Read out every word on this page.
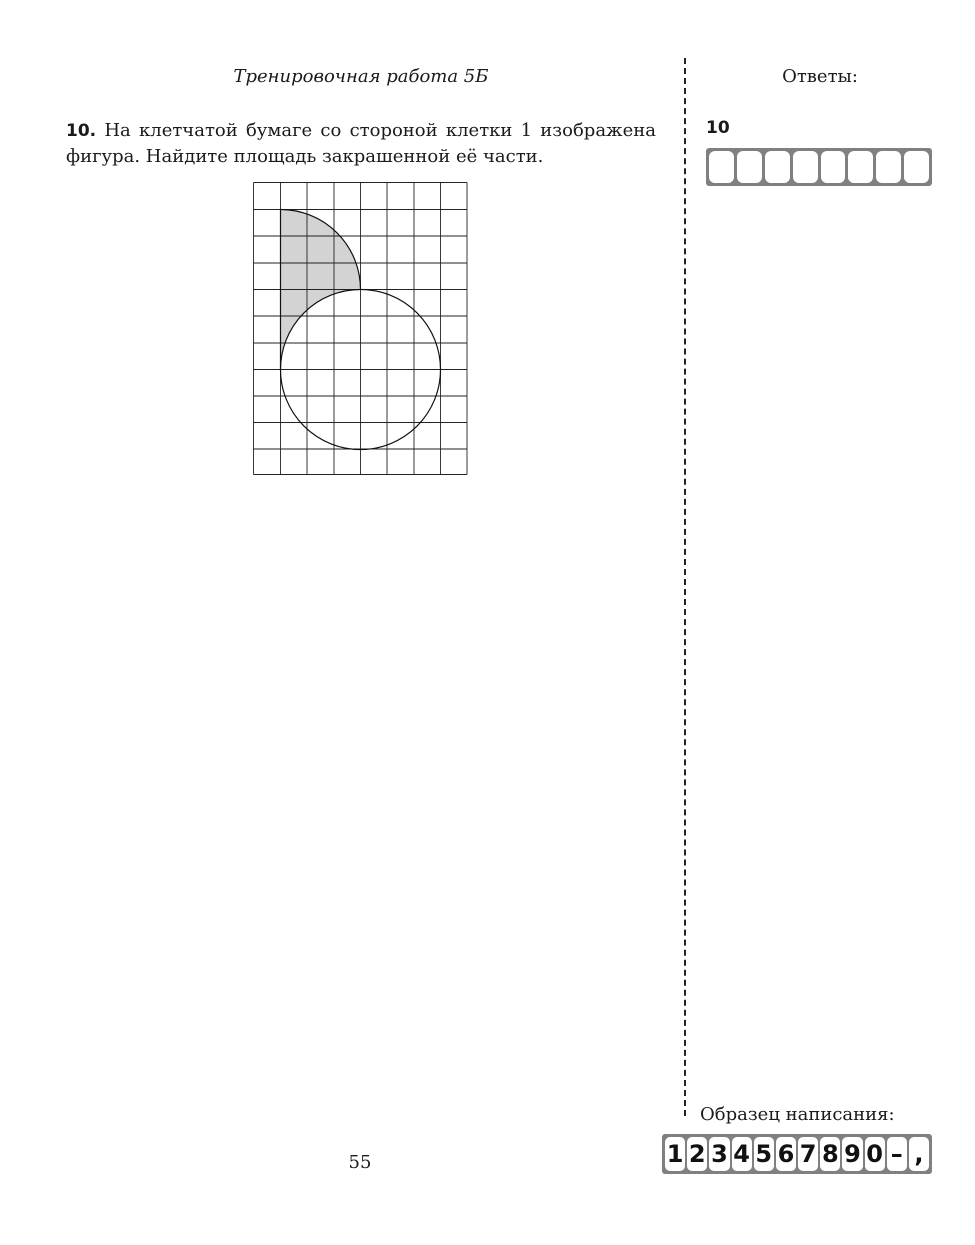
Тренировочная работа 5Б	Ответы:
10. На клетчатой бумаге со стороной клетки 1 изображена фигура. Найдите площадь закрашенной её части.
10
Образец написания:
1 2 3 4 5 6 7 8 9 0 – ,
55
